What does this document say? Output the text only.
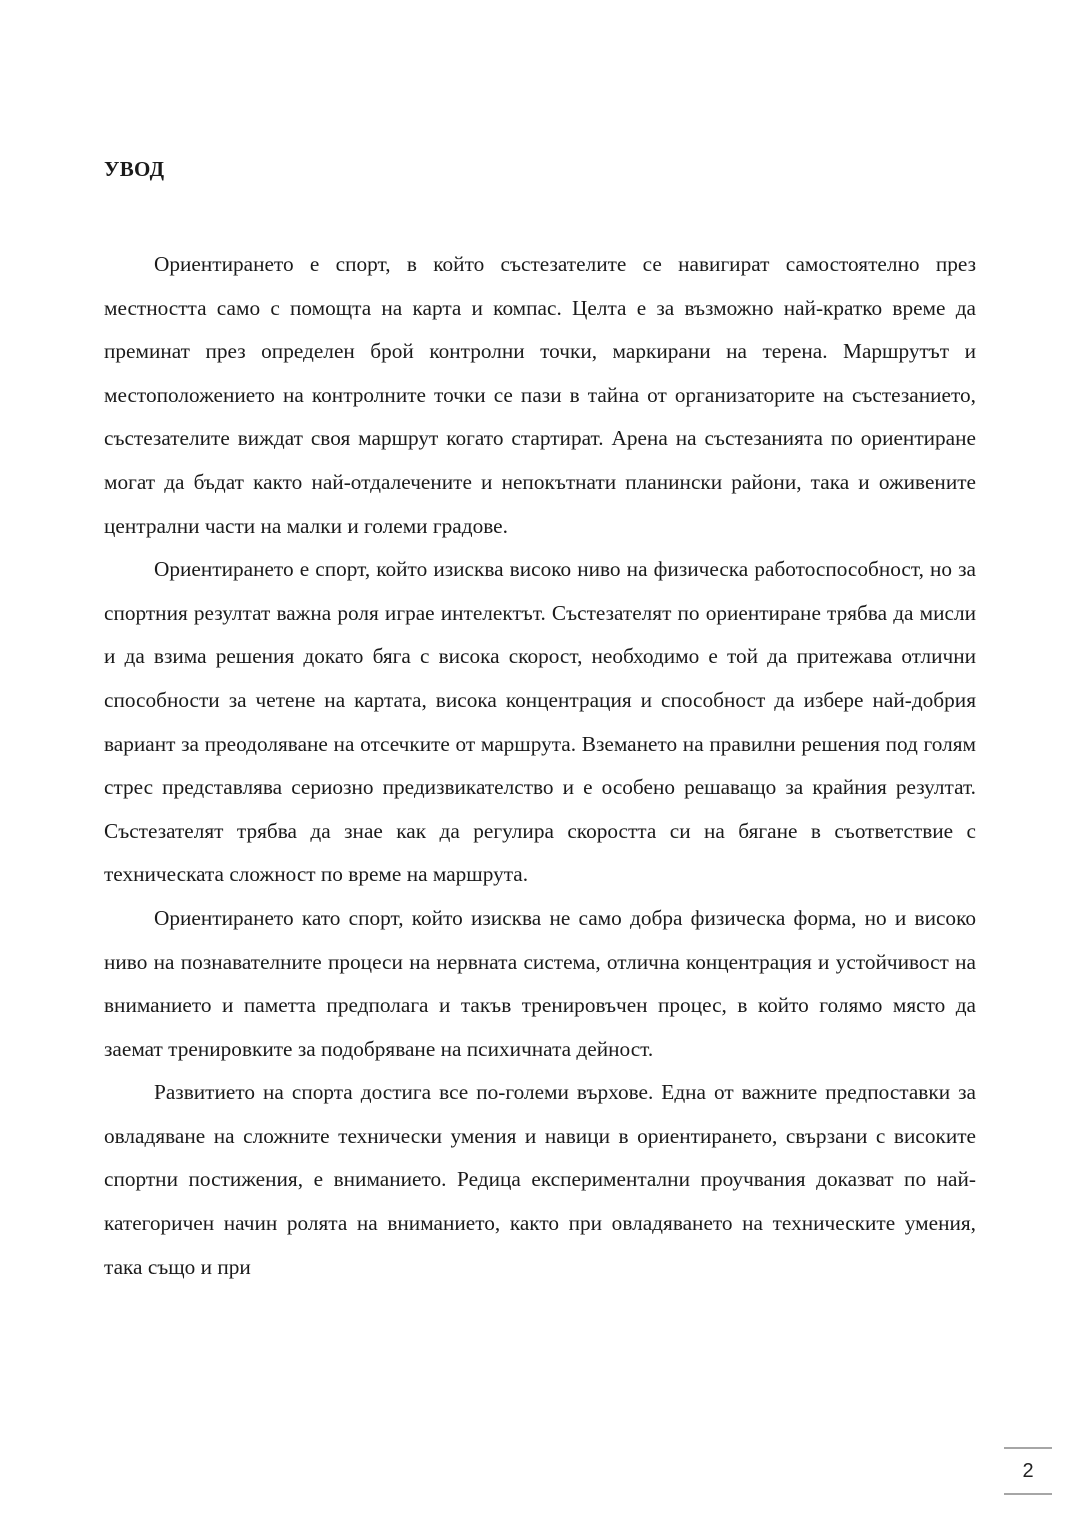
УВОД

Ориентирането е спорт, в който състезателите се навигират самостоятелно през местността само с помощта на карта и компас. Целта е за възможно най-кратко време да преминат през определен брой контролни точки, маркирани на терена. Маршрутът и местоположението на контролните точки се пази в тайна от организаторите на състезанието, състезателите виждат своя маршрут когато стартират. Арена на състезанията по ориентиране могат да бъдат както най-отдалечените и непокътнати планински райони, така и оживените централни части на малки и големи градове.

Ориентирането е спорт, който изисква високо ниво на физическа работоспособност, но за спортния резултат важна роля играе интелектът. Състезателят по ориентиране трябва да мисли и да взима решения докато бяга с висока скорост, необходимо е той да притежава отлични способности за четене на картата, висока концентрация и способност да избере най-добрия вариант за преодоляване на отсечките от маршрута. Вземането на правилни решения под голям стрес представлява сериозно предизвикателство и е особено решаващо за крайния резултат. Състезателят трябва да знае как да регулира скоростта си на бягане в съответствие с техническата сложност по време на маршрута.

Ориентирането като спорт, който изисква не само добра физическа форма, но и високо ниво на познавателните процеси на нервната система, отлична концентрация и устойчивост на вниманието и паметта предполага и такъв тренировъчен процес, в който голямо място да заемат тренировките за подобряване на психичната дейност.

Развитието на спорта достига все по-големи върхове. Една от важните предпоставки за овладяване на сложните технически умения и навици в ориентирането, свързани с високите спортни постижения, е вниманието. Редица експериментални проучвания доказват по най-категоричен начин ролята на вниманието, както при овладяването на техническите умения, така също и при

2
